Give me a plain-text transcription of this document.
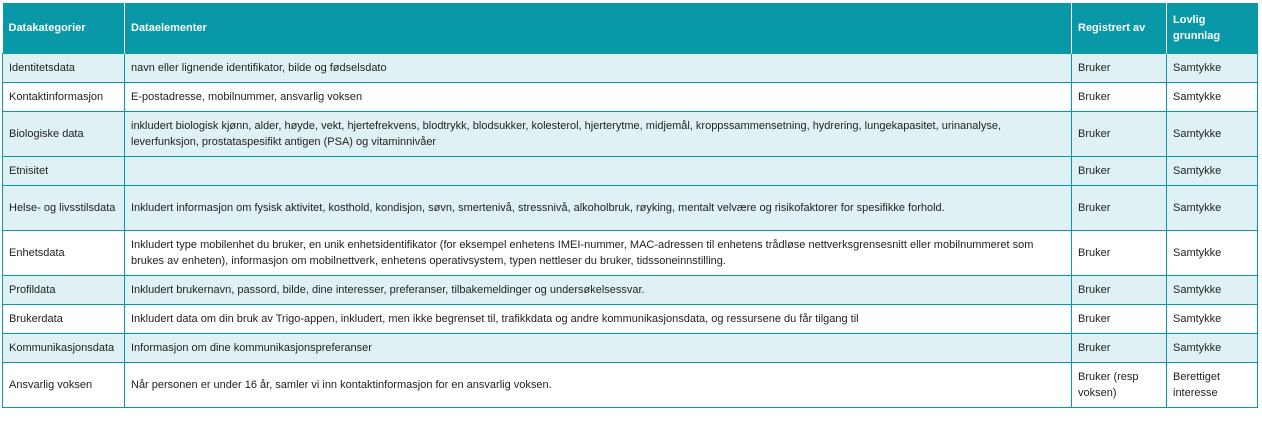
Datakategorier	Dataelementer	Registrert av	Lovlig grunnlag
Identitetsdata	navn eller lignende identifikator, bilde og fødselsdato	Bruker	Samtykke
Kontaktinformasjon	E-postadresse, mobilnummer, ansvarlig voksen	Bruker	Samtykke
Biologiske data	inkludert biologisk kjønn, alder, høyde, vekt, hjertefrekvens, blodtrykk, blodsukker, kolesterol, hjerterytme, midjemål, kroppssammensetning, hydrering, lungekapasitet, urinanalyse, leverfunksjon, prostataspesifikt antigen (PSA) og vitaminnivåer	Bruker	Samtykke
Etnisitet		Bruker	Samtykke
Helse- og livsstilsdata	Inkludert informasjon om fysisk aktivitet, kosthold, kondisjon, søvn, smertenivå, stressnivå, alkoholbruk, røyking, mentalt velvære og risikofaktorer for spesifikke forhold.	Bruker	Samtykke
Enhetsdata	Inkludert type mobilenhet du bruker, en unik enhetsidentifikator (for eksempel enhetens IMEI-nummer, MAC-adressen til enhetens trådløse nettverksgrensesnitt eller mobilnummeret som brukes av enheten), informasjon om mobilnettverk, enhetens operativsystem, typen nettleser du bruker, tidssoneinnstilling.	Bruker	Samtykke
Profildata	Inkludert brukernavn, passord, bilde, dine interesser, preferanser, tilbakemeldinger og undersøkelsessvar.	Bruker	Samtykke
Brukerdata	Inkludert data om din bruk av Trigo-appen, inkludert, men ikke begrenset til, trafikkdata og andre kommunikasjonsdata, og ressursene du får tilgang til	Bruker	Samtykke
Kommunikasjonsdata	Informasjon om dine kommunikasjonspreferanser	Bruker	Samtykke
Ansvarlig voksen	Når personen er under 16 år, samler vi inn kontaktinformasjon for en ansvarlig voksen.	Bruker (resp voksen)	Berettiget interesse
